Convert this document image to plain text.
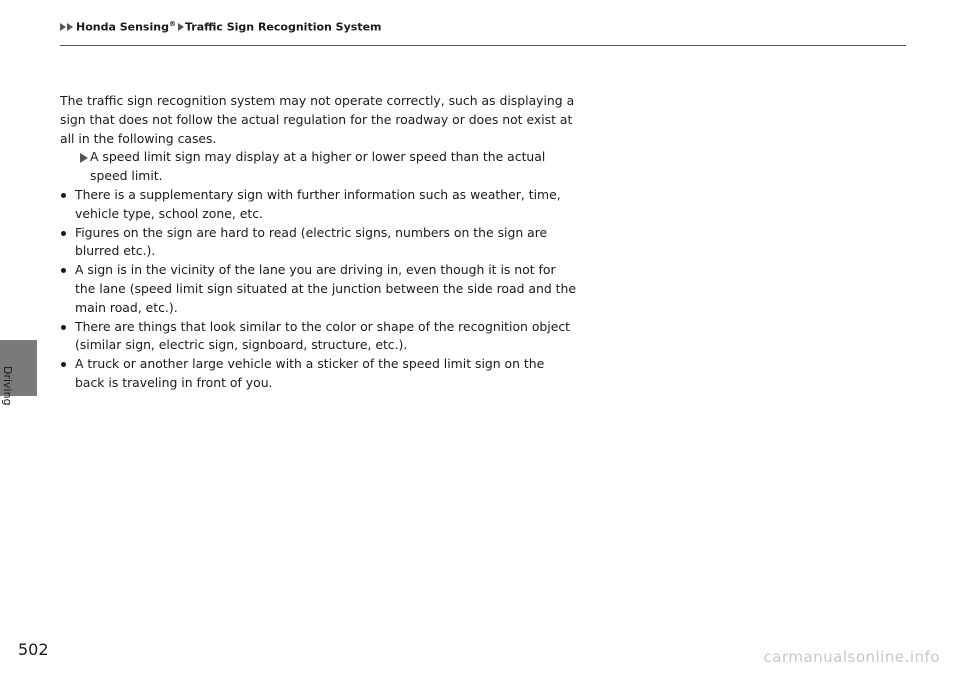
Honda Sensing® Traffic Sign Recognition System
Driving

The traffic sign recognition system may not operate correctly, such as displaying a sign that does not follow the actual regulation for the roadway or does not exist at all in the following cases.

A speed limit sign may display at a higher or lower speed than the actual speed limit.

There is a supplementary sign with further information such as weather, time, vehicle type, school zone, etc.
Figures on the sign are hard to read (electric signs, numbers on the sign are blurred etc.).
A sign is in the vicinity of the lane you are driving in, even though it is not for the lane (speed limit sign situated at the junction between the side road and the main road, etc.).
There are things that look similar to the color or shape of the recognition object (similar sign, electric sign, signboard, structure, etc.).
A truck or another large vehicle with a sticker of the speed limit sign on the back is traveling in front of you.
502	carmanualsonline.info
